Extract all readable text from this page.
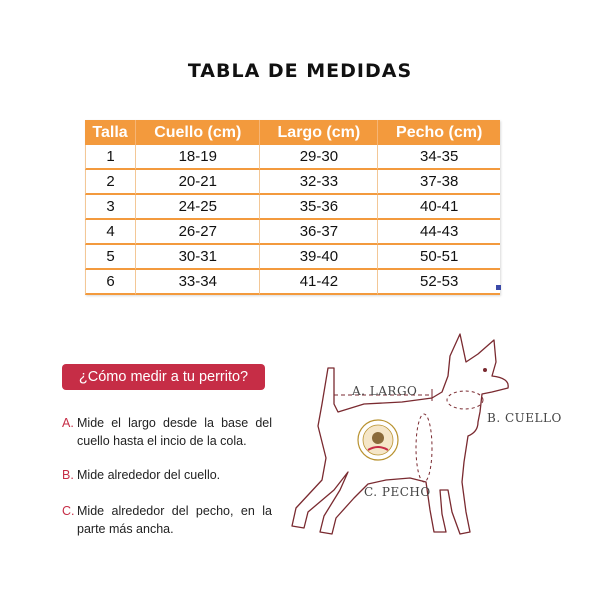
TABLA DE MEDIDAS
Talla	Cuello (cm)	Largo (cm)	Pecho (cm)
1	18-19	29-30	34-35
2	20-21	32-33	37-38
3	24-25	35-36	40-41
4	26-27	36-37	44-43
5	30-31	39-40	50-51
6	33-34	41-42	52-53
¿Cómo medir a tu perrito?
A. Mide el largo desde la base del cuello hasta el incio de la cola.
B. Mide alrededor del cuello.
C. Mide alrededor del pecho, en la parte más ancha.
A. LARGO
B. CUELLO
C. PECHO
